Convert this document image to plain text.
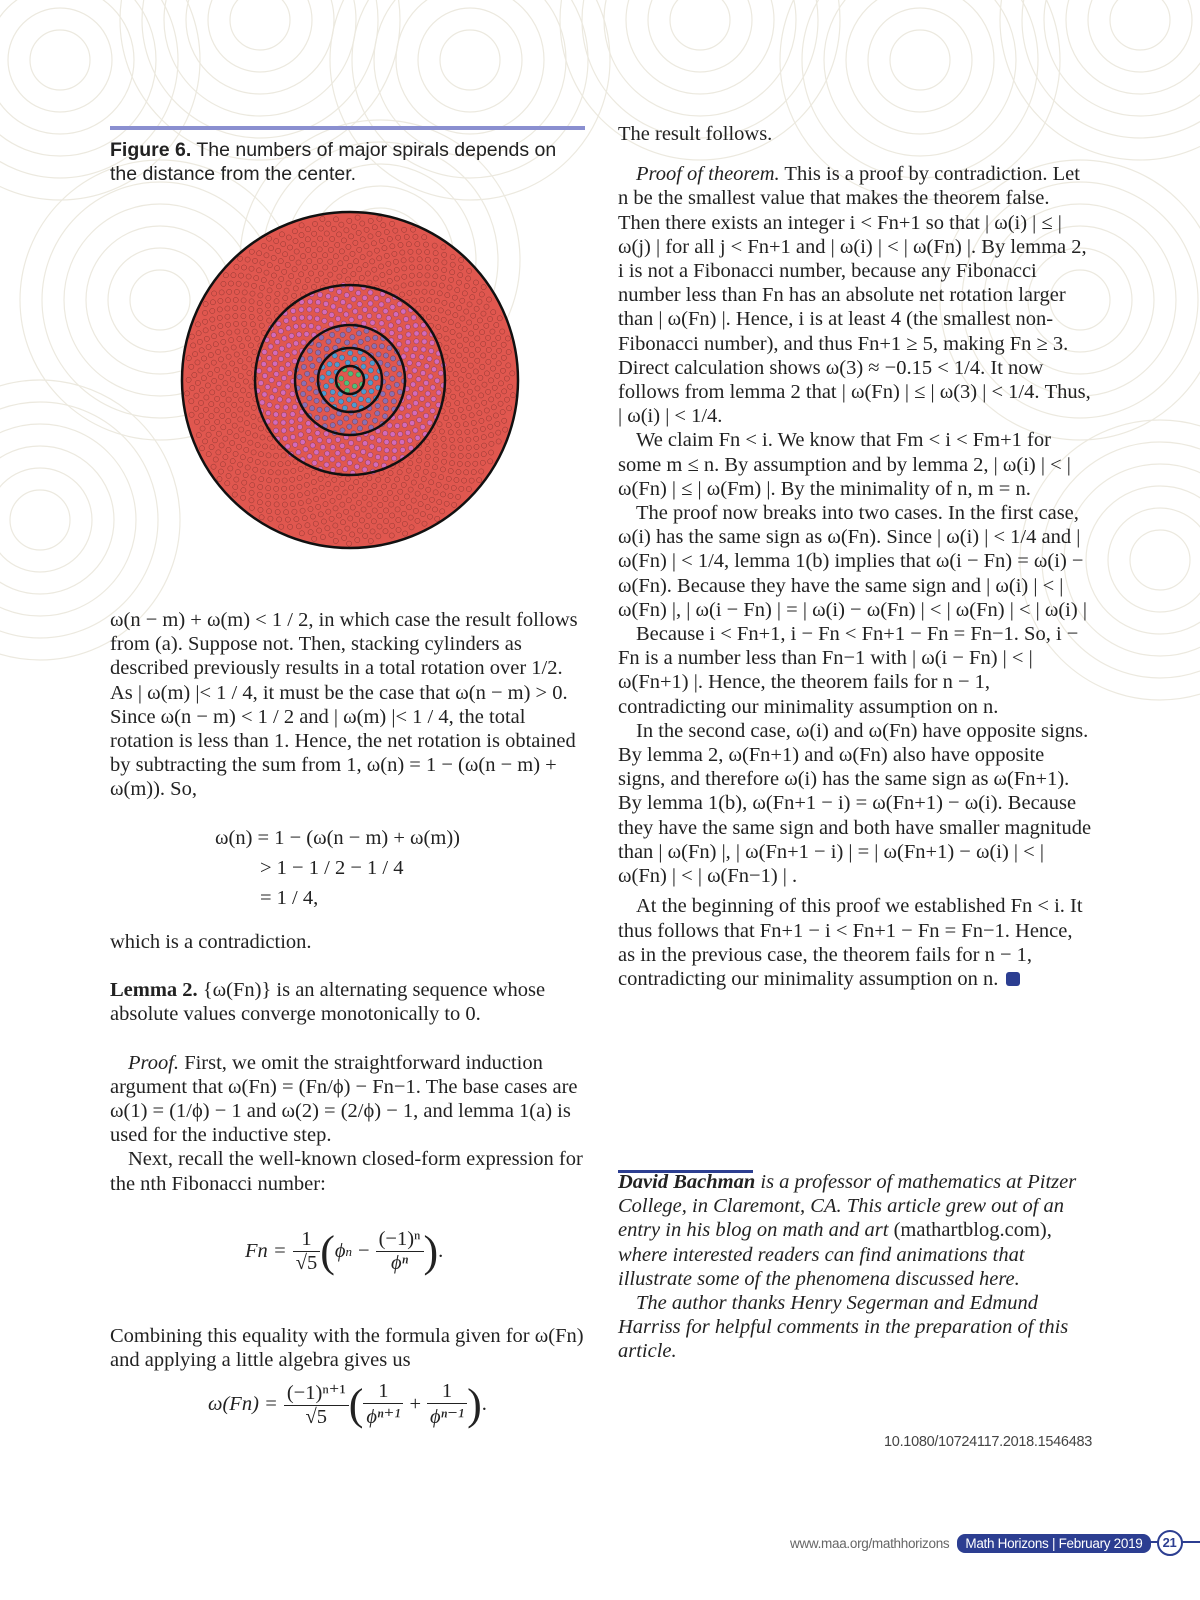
Figure 6. The numbers of major spirals depends on the distance from the center.

ω(n − m) + ω(m) < 1 / 2, in which case the result follows from (a). Suppose not. Then, stacking cylinders as described previously results in a total rotation over 1/2. As | ω(m) |< 1 / 4, it must be the case that ω(n − m) > 0. Since ω(n − m) < 1 / 2 and | ω(m) |< 1 / 4, the total rotation is less than 1. Hence, the net rotation is obtained by subtracting the sum from 1, ω(n) = 1 − (ω(n − m) + ω(m)). So,

ω(n) = 1 − (ω(n − m) + ω(m))
> 1 − 1 / 2 − 1 / 4
= 1 / 4,

which is a contradiction.

Lemma 2. {ω(Fn)} is an alternating sequence whose absolute values converge monotonically to 0.

Proof. First, we omit the straightforward induction argument that ω(Fn) = (Fn/ϕ) − Fn−1. The base cases are ω(1) = (1/ϕ) − 1 and ω(2) = (2/ϕ) − 1, and lemma 1(a) is used for the inductive step.

Next, recall the well-known closed-form expression for the nth Fibonacci number:

$Fn = \frac{1}{√5}$ ( ϕ $n - \frac{\text{(−1)ⁿ}}{\text{ϕⁿ}}$ ) .

Combining this equality with the formula given for ω(Fn) and applying a little algebra gives us

$\omega(Fn) = \frac{\text{(−1)ⁿ⁺¹}}{√5}$ ( $\frac{1}{\text{ϕⁿ⁺¹}} + \frac{1}{\text{ϕⁿ⁻¹}}$ ) .

The result follows.

Proof of theorem. This is a proof by contradiction. Let n be the smallest value that makes the theorem false. Then there exists an integer i < Fn+1 so that | ω(i) | ≤ | ω(j) | for all j < Fn+1 and | ω(i) | < | ω(Fn) |. By lemma 2, i is not a Fibonacci number, because any Fibonacci number less than Fn has an absolute net rotation larger than | ω(Fn) |. Hence, i is at least 4 (the smallest non-Fibonacci number), and thus Fn+1 ≥ 5, making Fn ≥ 3. Direct calculation shows ω(3) ≈ −0.15 < 1/4. It now follows from lemma 2 that | ω(Fn) | ≤ | ω(3) | < 1/4. Thus, | ω(i) | < 1/4.

We claim Fn < i. We know that Fm < i < Fm+1 for some m ≤ n. By assumption and by lemma 2, | ω(i) | < | ω(Fn) | ≤ | ω(Fm) |. By the minimality of n, m = n.

The proof now breaks into two cases. In the first case, ω(i) has the same sign as ω(Fn). Since | ω(i) | < 1/4 and | ω(Fn) | < 1/4, lemma 1(b) implies that ω(i − Fn) = ω(i) − ω(Fn). Because they have the same sign and | ω(i) | < | ω(Fn) |, | ω(i − Fn) | = | ω(i) − ω(Fn) | < | ω(Fn) | < | ω(i) |

Because i < Fn+1, i − Fn < Fn+1 − Fn = Fn−1. So, i − Fn is a number less than Fn−1 with | ω(i − Fn) | < | ω(Fn+1) |. Hence, the theorem fails for n − 1, contradicting our minimality assumption on n.

In the second case, ω(i) and ω(Fn) have opposite signs. By lemma 2, ω(Fn+1) and ω(Fn) also have opposite signs, and therefore ω(i) has the same sign as ω(Fn+1). By lemma 1(b), ω(Fn+1 − i) = ω(Fn+1) − ω(i). Because they have the same sign and both have smaller magnitude than | ω(Fn) |, | ω(Fn+1 − i) | = | ω(Fn+1) − ω(i) | < | ω(Fn) | < | ω(Fn−1) | .

At the beginning of this proof we established Fn < i. It thus follows that Fn+1 − i < Fn+1 − Fn = Fn−1. Hence, as in the previous case, the theorem fails for n − 1, contradicting our minimality assumption on n.

David Bachman is a professor of mathematics at Pitzer College, in Claremont, CA. This article grew out of an entry in his blog on math and art (mathartblog.com), where interested readers can find animations that illustrate some of the phenomena discussed here.

The author thanks Henry Segerman and Edmund Harriss for helpful comments in the preparation of this article.

10.1080/10724117.2018.1546483
www.maa.org/mathhorizons	Math Horizons | February 2019	21
